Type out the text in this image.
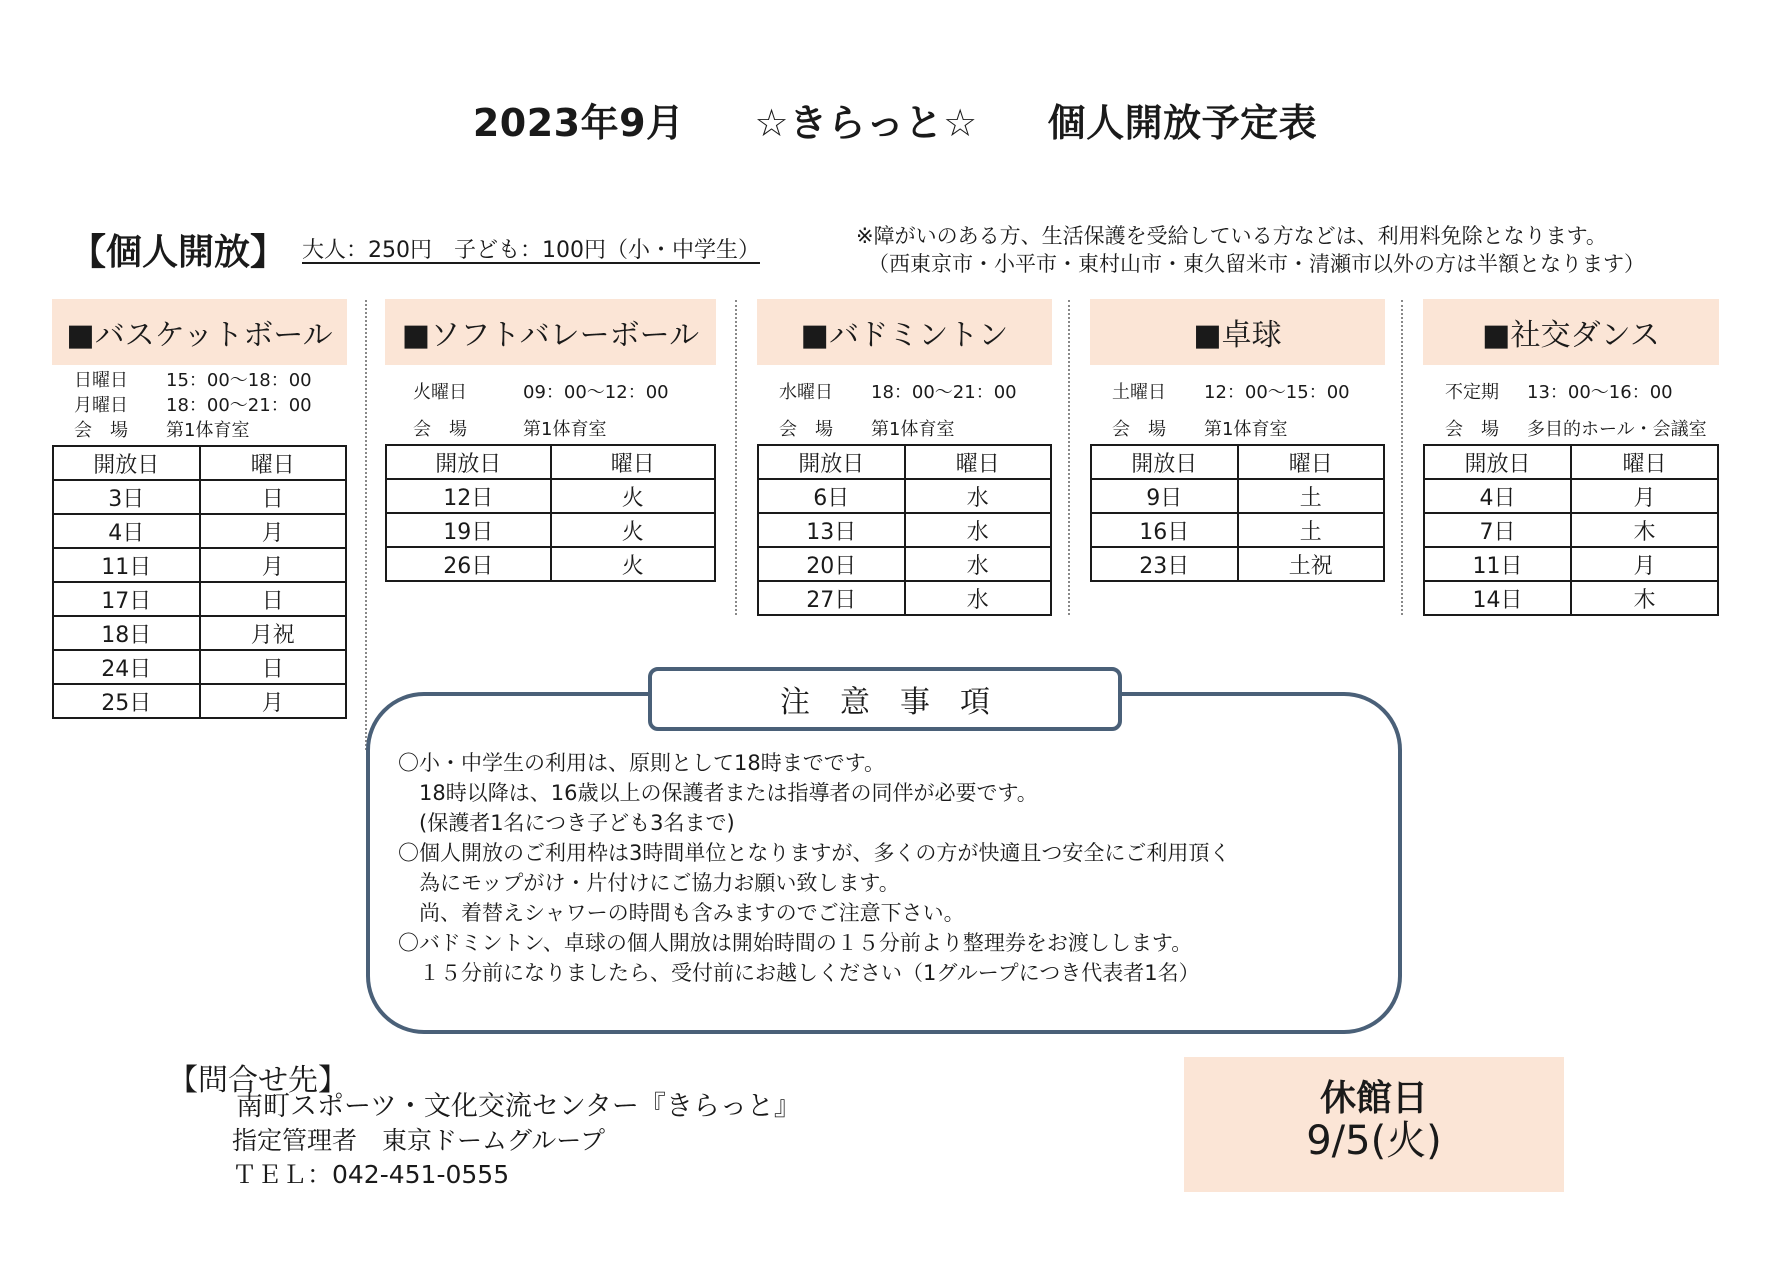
2023年9月 ☆きらっと☆ 個人開放予定表
【個人開放】 大人：250円　子ども：100円（小・中学生）
※障がいのある方、生活保護を受給している方などは、利用料免除となります。
（西東京市・小平市・東村山市・東久留米市・清瀬市以外の方は半額となります）
■バスケットボール
日曜日	15：00～18：00
月曜日	18：00～21：00
会　場	第1体育室
開放日	曜日
3日	日
4日	月
11日	月
17日	日
18日	月祝
24日	日
25日	月
■ソフトバレーボール
火曜日	09：00～12：00
会　場	第1体育室
開放日	曜日
12日	火
19日	火
26日	火
■バドミントン
水曜日	18：00～21：00
会　場	第1体育室
開放日	曜日
6日	水
13日	水
20日	水
27日	水
■卓球
土曜日	12：00～15：00
会　場	第1体育室
開放日	曜日
9日	土
16日	土
23日	土祝
■社交ダンス
不定期	13：00～16：00
会　場	多目的ホール・会議室
開放日	曜日
4日	月
7日	木
11日	月
14日	木
注意事項
〇小・中学生の利用は、原則として18時までです。
　18時以降は、16歳以上の保護者または指導者の同伴が必要です。
　(保護者1名につき子ども3名まで)
〇個人開放のご利用枠は3時間単位となりますが、多くの方が快適且つ安全にご利用頂く
　為にモップがけ・片付けにご協力お願い致します。
　尚、着替えシャワーの時間も含みますのでご注意下さい。
〇バドミントン、卓球の個人開放は開始時間の１５分前より整理券をお渡しします。
　１５分前になりましたら、受付前にお越しください（1グループにつき代表者1名）
【問合せ先】
南町スポーツ・文化交流センター『きらっと』
指定管理者　東京ドームグループ
ＴＥＬ：042-451-0555
休館日
9/5(火)
